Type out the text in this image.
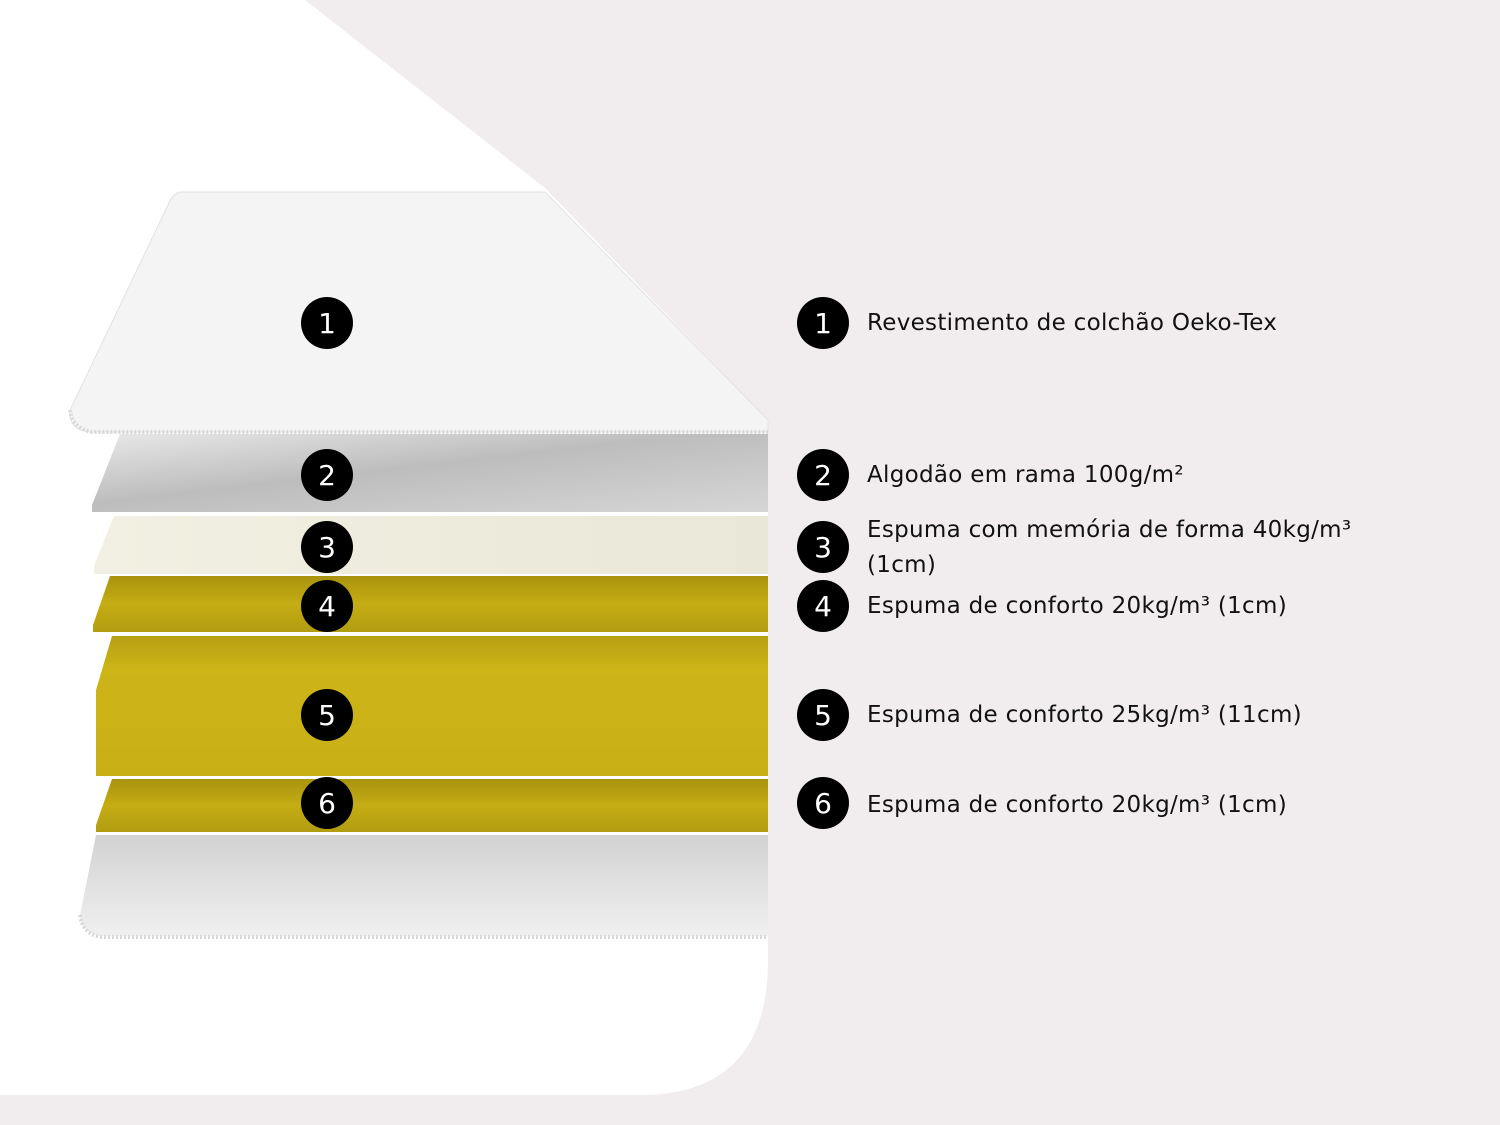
1
2
3
4
5
6
1
2
3
4
5
6
Revestimento de colchão Oeko-Tex
Algodão em rama 100g/m²
Espuma com memória de forma 40kg/m³ (1cm)
Espuma de conforto 20kg/m³ (1cm)
Espuma de conforto 25kg/m³ (11cm)
Espuma de conforto 20kg/m³ (1cm)
